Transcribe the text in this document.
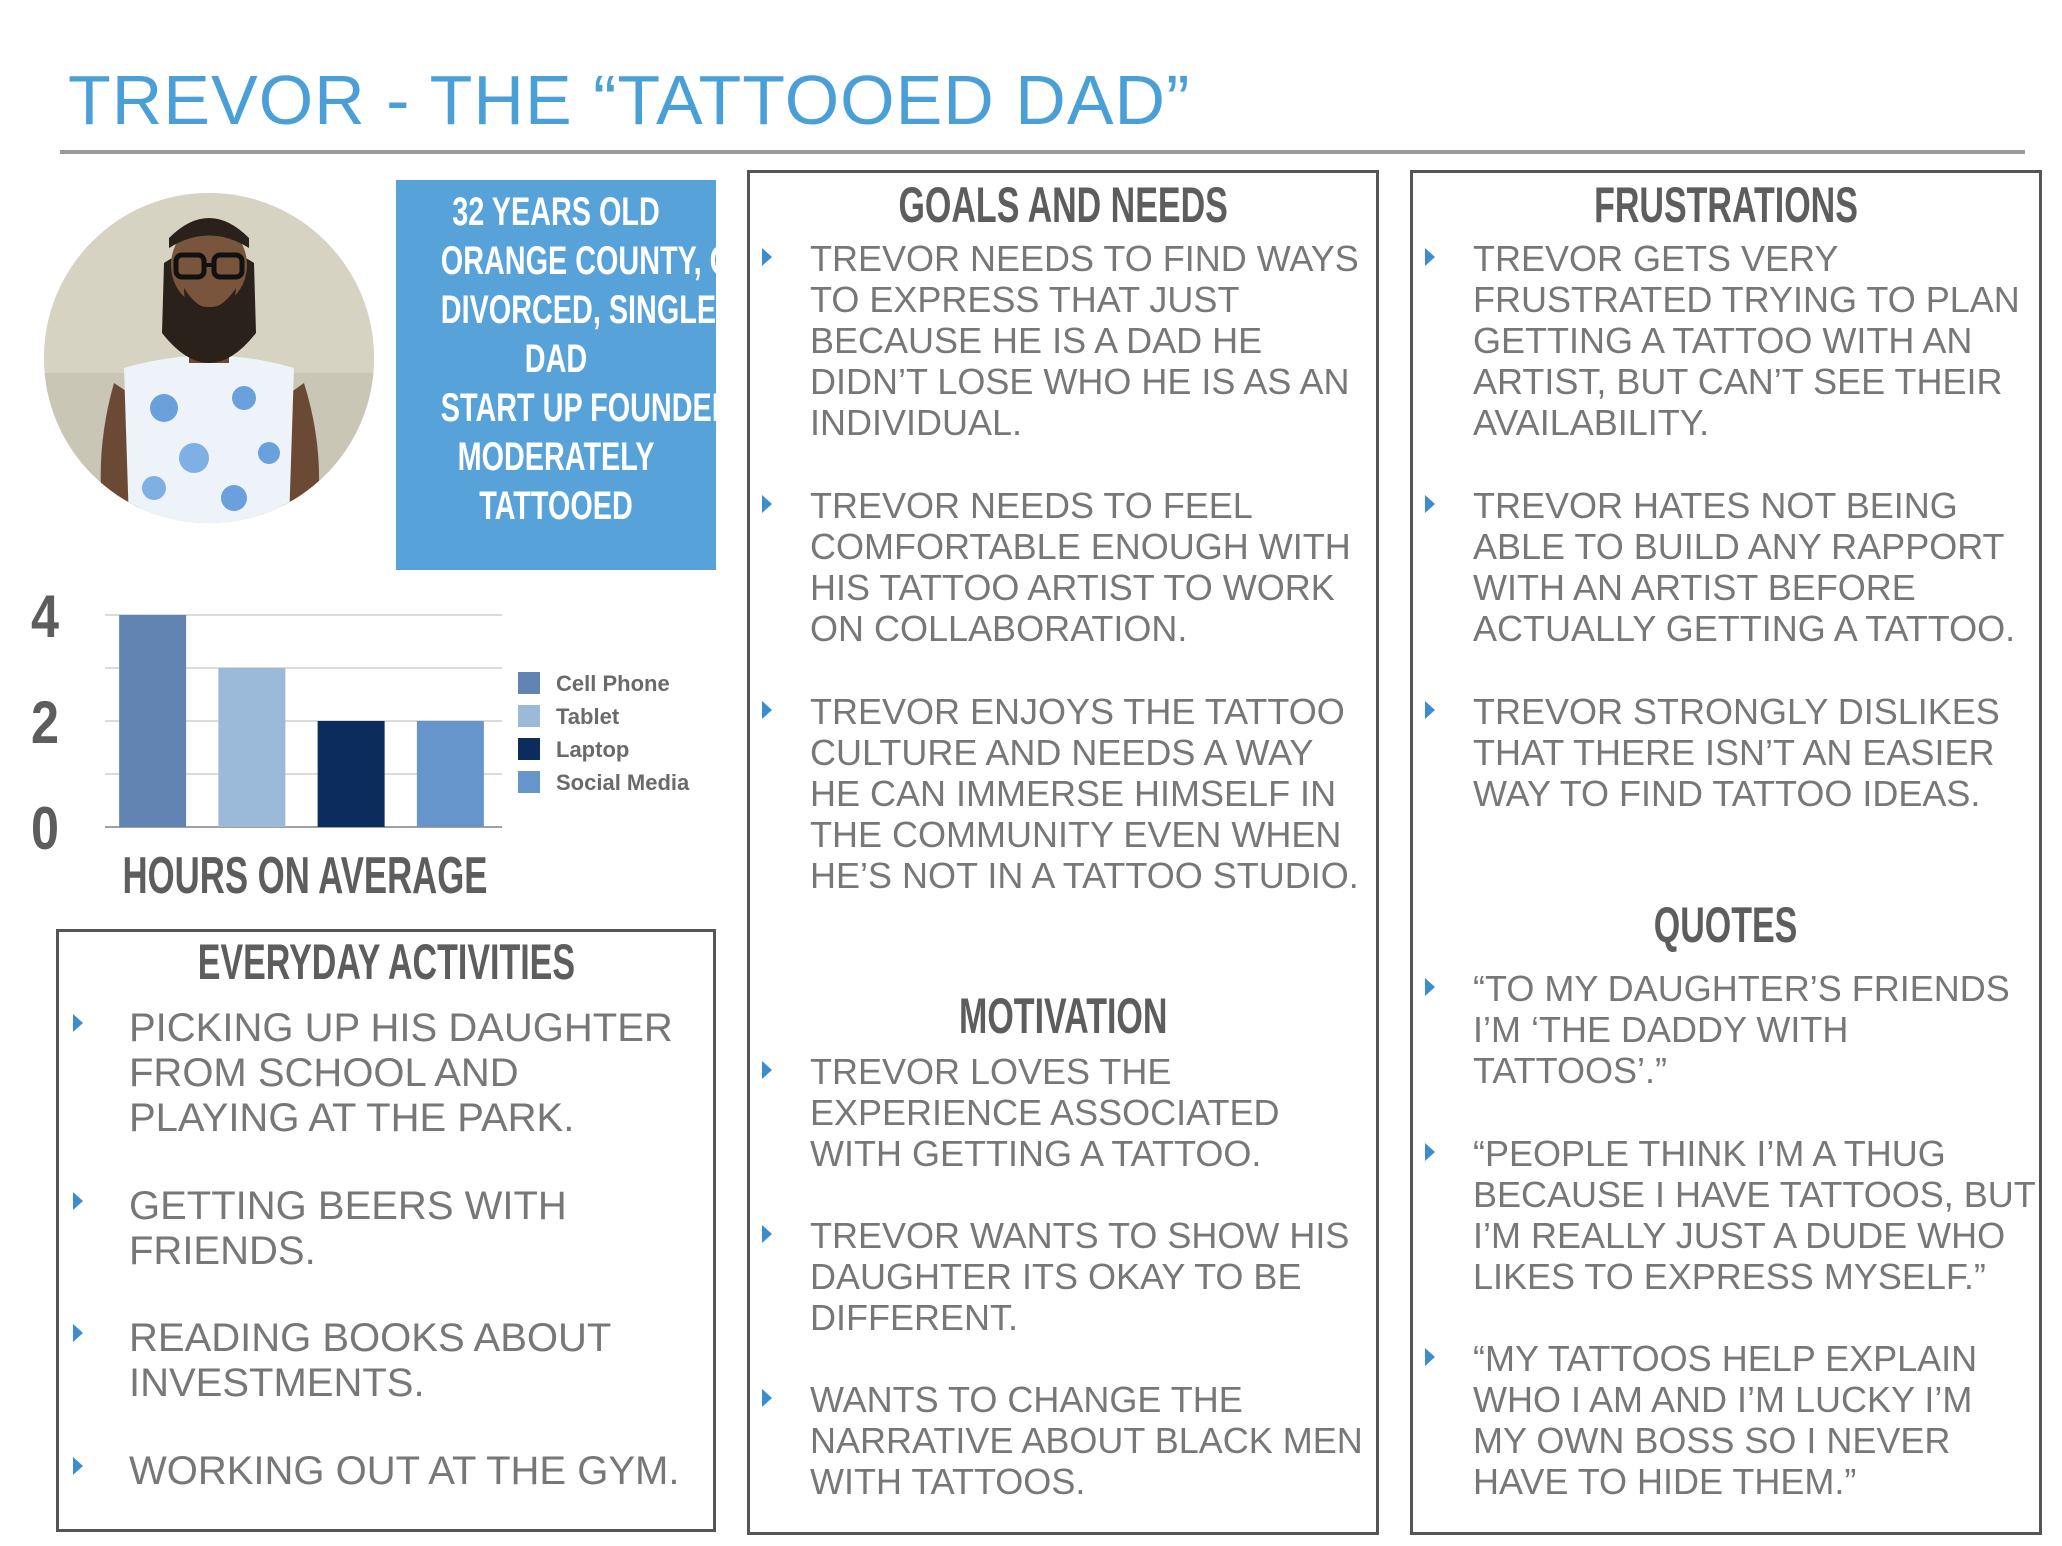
TREVOR - THE “TATTOOED DAD”
32 YEARS OLD
ORANGE COUNTY, CA
DIVORCED, SINGLE
DAD
START UP FOUNDER
MODERATELY
TATTOOED
4
2
0
Cell Phone
Tablet
Laptop
Social Media
HOURS ON AVERAGE
EVERYDAY ACTIVITIES
PICKING UP HIS DAUGHTER
FROM SCHOOL AND
PLAYING AT THE PARK.
GETTING BEERS WITH
FRIENDS.
READING BOOKS ABOUT
INVESTMENTS.
WORKING OUT AT THE GYM.
GOALS AND NEEDS
MOTIVATION
TREVOR NEEDS TO FIND WAYS
TO EXPRESS THAT JUST
BECAUSE HE IS A DAD HE
DIDN’T LOSE WHO HE IS AS AN
INDIVIDUAL.
TREVOR NEEDS TO FEEL
COMFORTABLE ENOUGH WITH
HIS TATTOO ARTIST TO WORK
ON COLLABORATION.
TREVOR ENJOYS THE TATTOO
CULTURE AND NEEDS A WAY
HE CAN IMMERSE HIMSELF IN
THE COMMUNITY EVEN WHEN
HE’S NOT IN A TATTOO STUDIO.
TREVOR LOVES THE
EXPERIENCE ASSOCIATED
WITH GETTING A TATTOO.
TREVOR WANTS TO SHOW HIS
DAUGHTER ITS OKAY TO BE
DIFFERENT.
WANTS TO CHANGE THE
NARRATIVE ABOUT BLACK MEN
WITH TATTOOS.
FRUSTRATIONS
QUOTES
TREVOR GETS VERY
FRUSTRATED TRYING TO PLAN
GETTING A TATTOO WITH AN
ARTIST, BUT CAN’T SEE THEIR
AVAILABILITY.
TREVOR HATES NOT BEING
ABLE TO BUILD ANY RAPPORT
WITH AN ARTIST BEFORE
ACTUALLY GETTING A TATTOO.
TREVOR STRONGLY DISLIKES
THAT THERE ISN’T AN EASIER
WAY TO FIND TATTOO IDEAS.
“TO MY DAUGHTER’S FRIENDS
I’M ‘THE DADDY WITH
TATTOOS’.”
“PEOPLE THINK I’M A THUG
BECAUSE I HAVE TATTOOS, BUT
I’M REALLY JUST A DUDE WHO
LIKES TO EXPRESS MYSELF.”
“MY TATTOOS HELP EXPLAIN
WHO I AM AND I’M LUCKY I’M
MY OWN BOSS SO I NEVER
HAVE TO HIDE THEM.”
